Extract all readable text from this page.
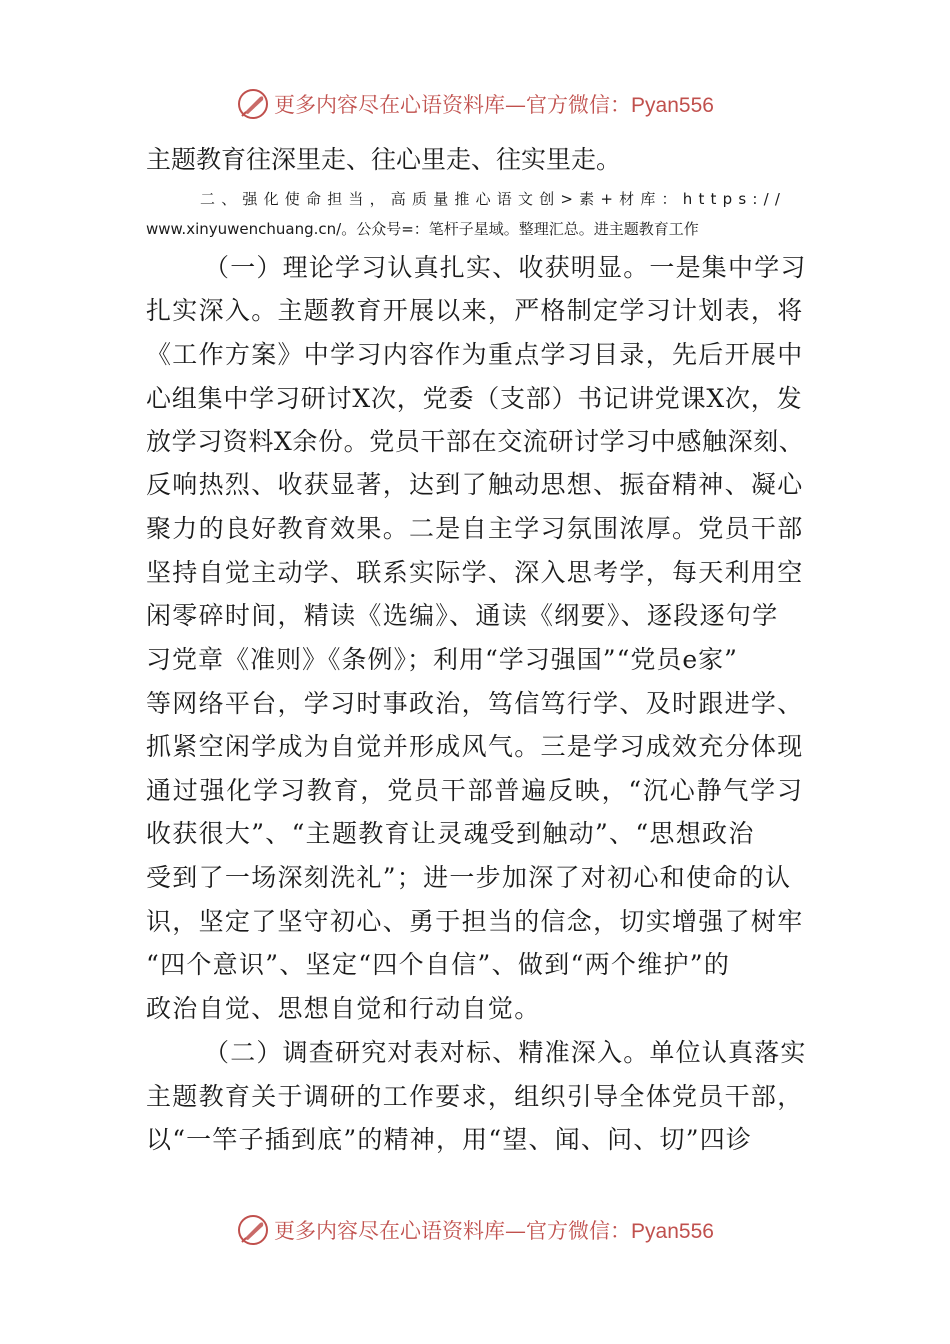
更多内容尽在心语资料库—官方微信：Pyan556
主题教育往深里走、往心里走、往实里走。
二、强化使命担当，高质量推心语文创>素+材库：https://
www.xinyuwenchuang.cn/。公众号=：笔杆子星域。整理汇总。进主题教育工作
（一）理论学习认真扎实、收获明显。一是集中学习
扎实深入。主题教育开展以来，严格制定学习计划表，将
《工作方案》中学习内容作为重点学习目录，先后开展中
心组集中学习研讨X次，党委（支部）书记讲党课X次，发
放学习资料X余份。党员干部在交流研讨学习中感触深刻、
反响热烈、收获显著，达到了触动思想、振奋精神、凝心
聚力的良好教育效果。二是自主学习氛围浓厚。党员干部
坚持自觉主动学、联系实际学、深入思考学，每天利用空
闲零碎时间，精读《选编》、通读《纲要》、逐段逐句学
习党章《准则》《条例》；利用“学习强国”“党员e家”
等网络平台，学习时事政治，笃信笃行学、及时跟进学、
抓紧空闲学成为自觉并形成风气。三是学习成效充分体现
通过强化学习教育，党员干部普遍反映，“沉心静气学习
收获很大”、“主题教育让灵魂受到触动”、“思想政治
受到了一场深刻洗礼”；进一步加深了对初心和使命的认
识，坚定了坚守初心、勇于担当的信念，切实增强了树牢
“四个意识”、坚定“四个自信”、做到“两个维护”的
政治自觉、思想自觉和行动自觉。
（二）调查研究对表对标、精准深入。单位认真落实
主题教育关于调研的工作要求，组织引导全体党员干部，
以“一竿子插到底”的精神，用“望、闻、问、切”四诊
更多内容尽在心语资料库—官方微信：Pyan556
